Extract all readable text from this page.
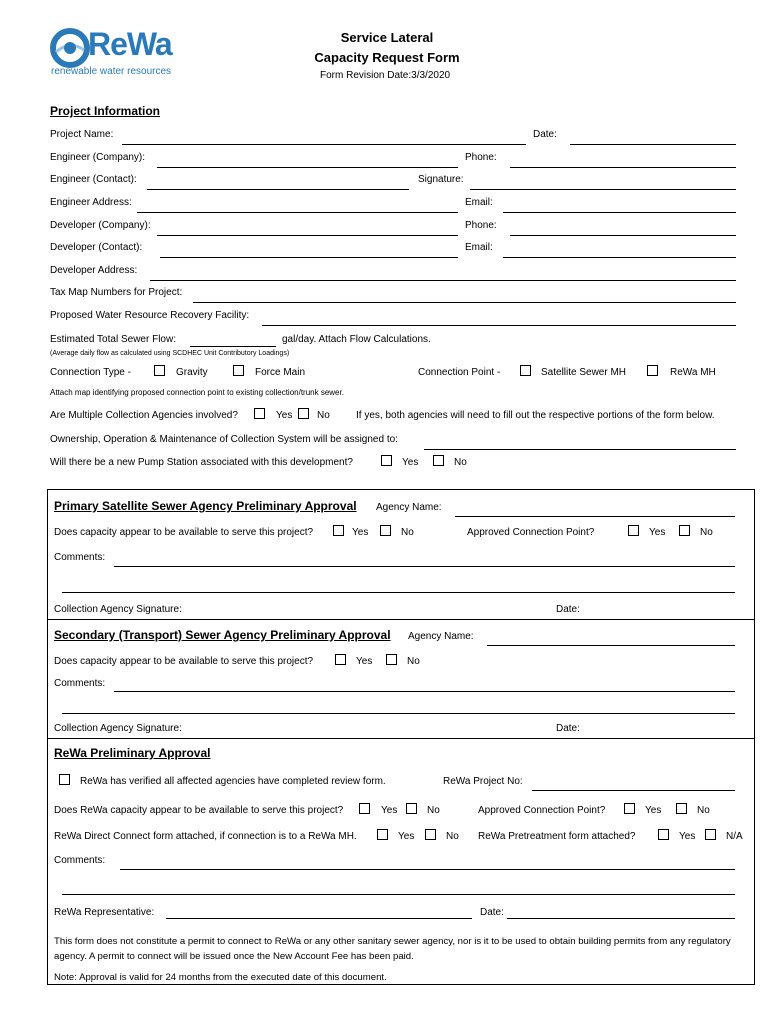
ReWa
renewable water resources
Service Lateral
Capacity Request Form
Form Revision Date:3/3/2020
Project Information
Project Name:	Date:
Engineer (Company):	Phone:
Engineer (Contact):	Signature:
Engineer Address:	Email:
Developer (Company):	Phone:
Developer (Contact):	Email:
Developer Address:
Tax Map Numbers for Project:
Proposed Water Resource Recovery Facility:
Estimated Total Sewer Flow:	gal/day. Attach Flow Calculations.
(Average daily flow as calculated using SCDHEC Unit Contributory Loadings)
Connection Type -	Gravity	Force Main	Connection Point -	Satellite Sewer MH	ReWa MH
Attach map identifying proposed connection point to existing collection/trunk sewer.
Are Multiple Collection Agencies involved?	Yes No	If yes, both agencies will need to fill out the respective portions of the form below.
Ownership, Operation & Maintenance of Collection System will be assigned to:
Will there be a new Pump Station associated with this development?	Yes	No
Primary Satellite Sewer Agency Preliminary Approval Agency Name:
Does capacity appear to be available to serve this project?	Yes	No	Approved Connection Point?	Yes	No
Comments:
Collection Agency Signature:	Date:
Secondary (Transport) Sewer Agency Preliminary Approval Agency Name:
Does capacity appear to be available to serve this project?	Yes	No
Comments:
Collection Agency Signature:	Date:
ReWa Preliminary Approval
ReWa has verified all affected agencies have completed review form.	ReWa Project No:
Does ReWa capacity appear to be available to serve this project?	Yes	No	Approved Connection Point?	Yes	No
ReWa Direct Connect form attached, if connection is to a ReWa MH.	Yes	No ReWa Pretreatment form attached?	Yes	N/A
Comments:
ReWa Representative:	Date:
This form does not constitute a permit to connect to ReWa or any other sanitary sewer agency, nor is it to be used to obtain building permits from any regulatory agency. A permit to connect will be issued once the New Account Fee has been paid.
Note: Approval is valid for 24 months from the executed date of this document.
